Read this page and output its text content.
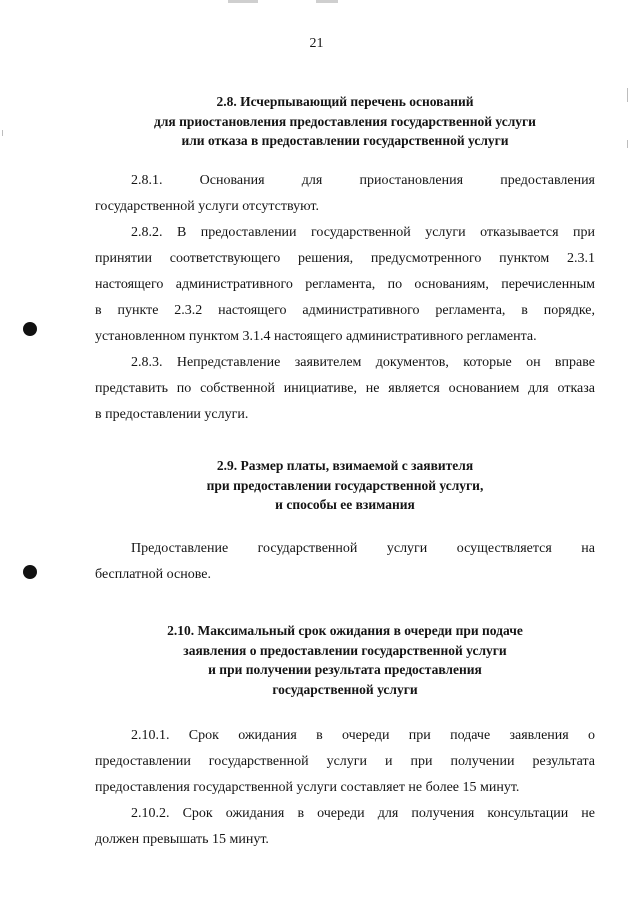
21
2.8. Исчерпывающий перечень оснований
для приостановления предоставления государственной услуги
или отказа в предоставлении государственной услуги
2.8.1. Основания для приостановления предоставления
государственной услуги отсутствуют.
2.8.2. В предоставлении государственной услуги отказывается при
принятии соответствующего решения, предусмотренного пунктом 2.3.1
настоящего административного регламента, по основаниям, перечисленным
в пункте 2.3.2 настоящего административного регламента, в порядке,
установленном пунктом 3.1.4 настоящего административного регламента.
2.8.3. Непредставление заявителем документов, которые он вправе
представить по собственной инициативе, не является основанием для отказа
в предоставлении услуги.
2.9. Размер платы, взимаемой с заявителя
при предоставлении государственной услуги,
и способы ее взимания
Предоставление государственной услуги осуществляется на
бесплатной основе.
2.10. Максимальный срок ожидания в очереди при подаче
заявления о предоставлении государственной услуги
и при получении результата предоставления
государственной услуги
2.10.1. Срок ожидания в очереди при подаче заявления о
предоставлении государственной услуги и при получении результата
предоставления государственной услуги составляет не более 15 минут.
2.10.2. Срок ожидания в очереди для получения консультации не
должен превышать 15 минут.
